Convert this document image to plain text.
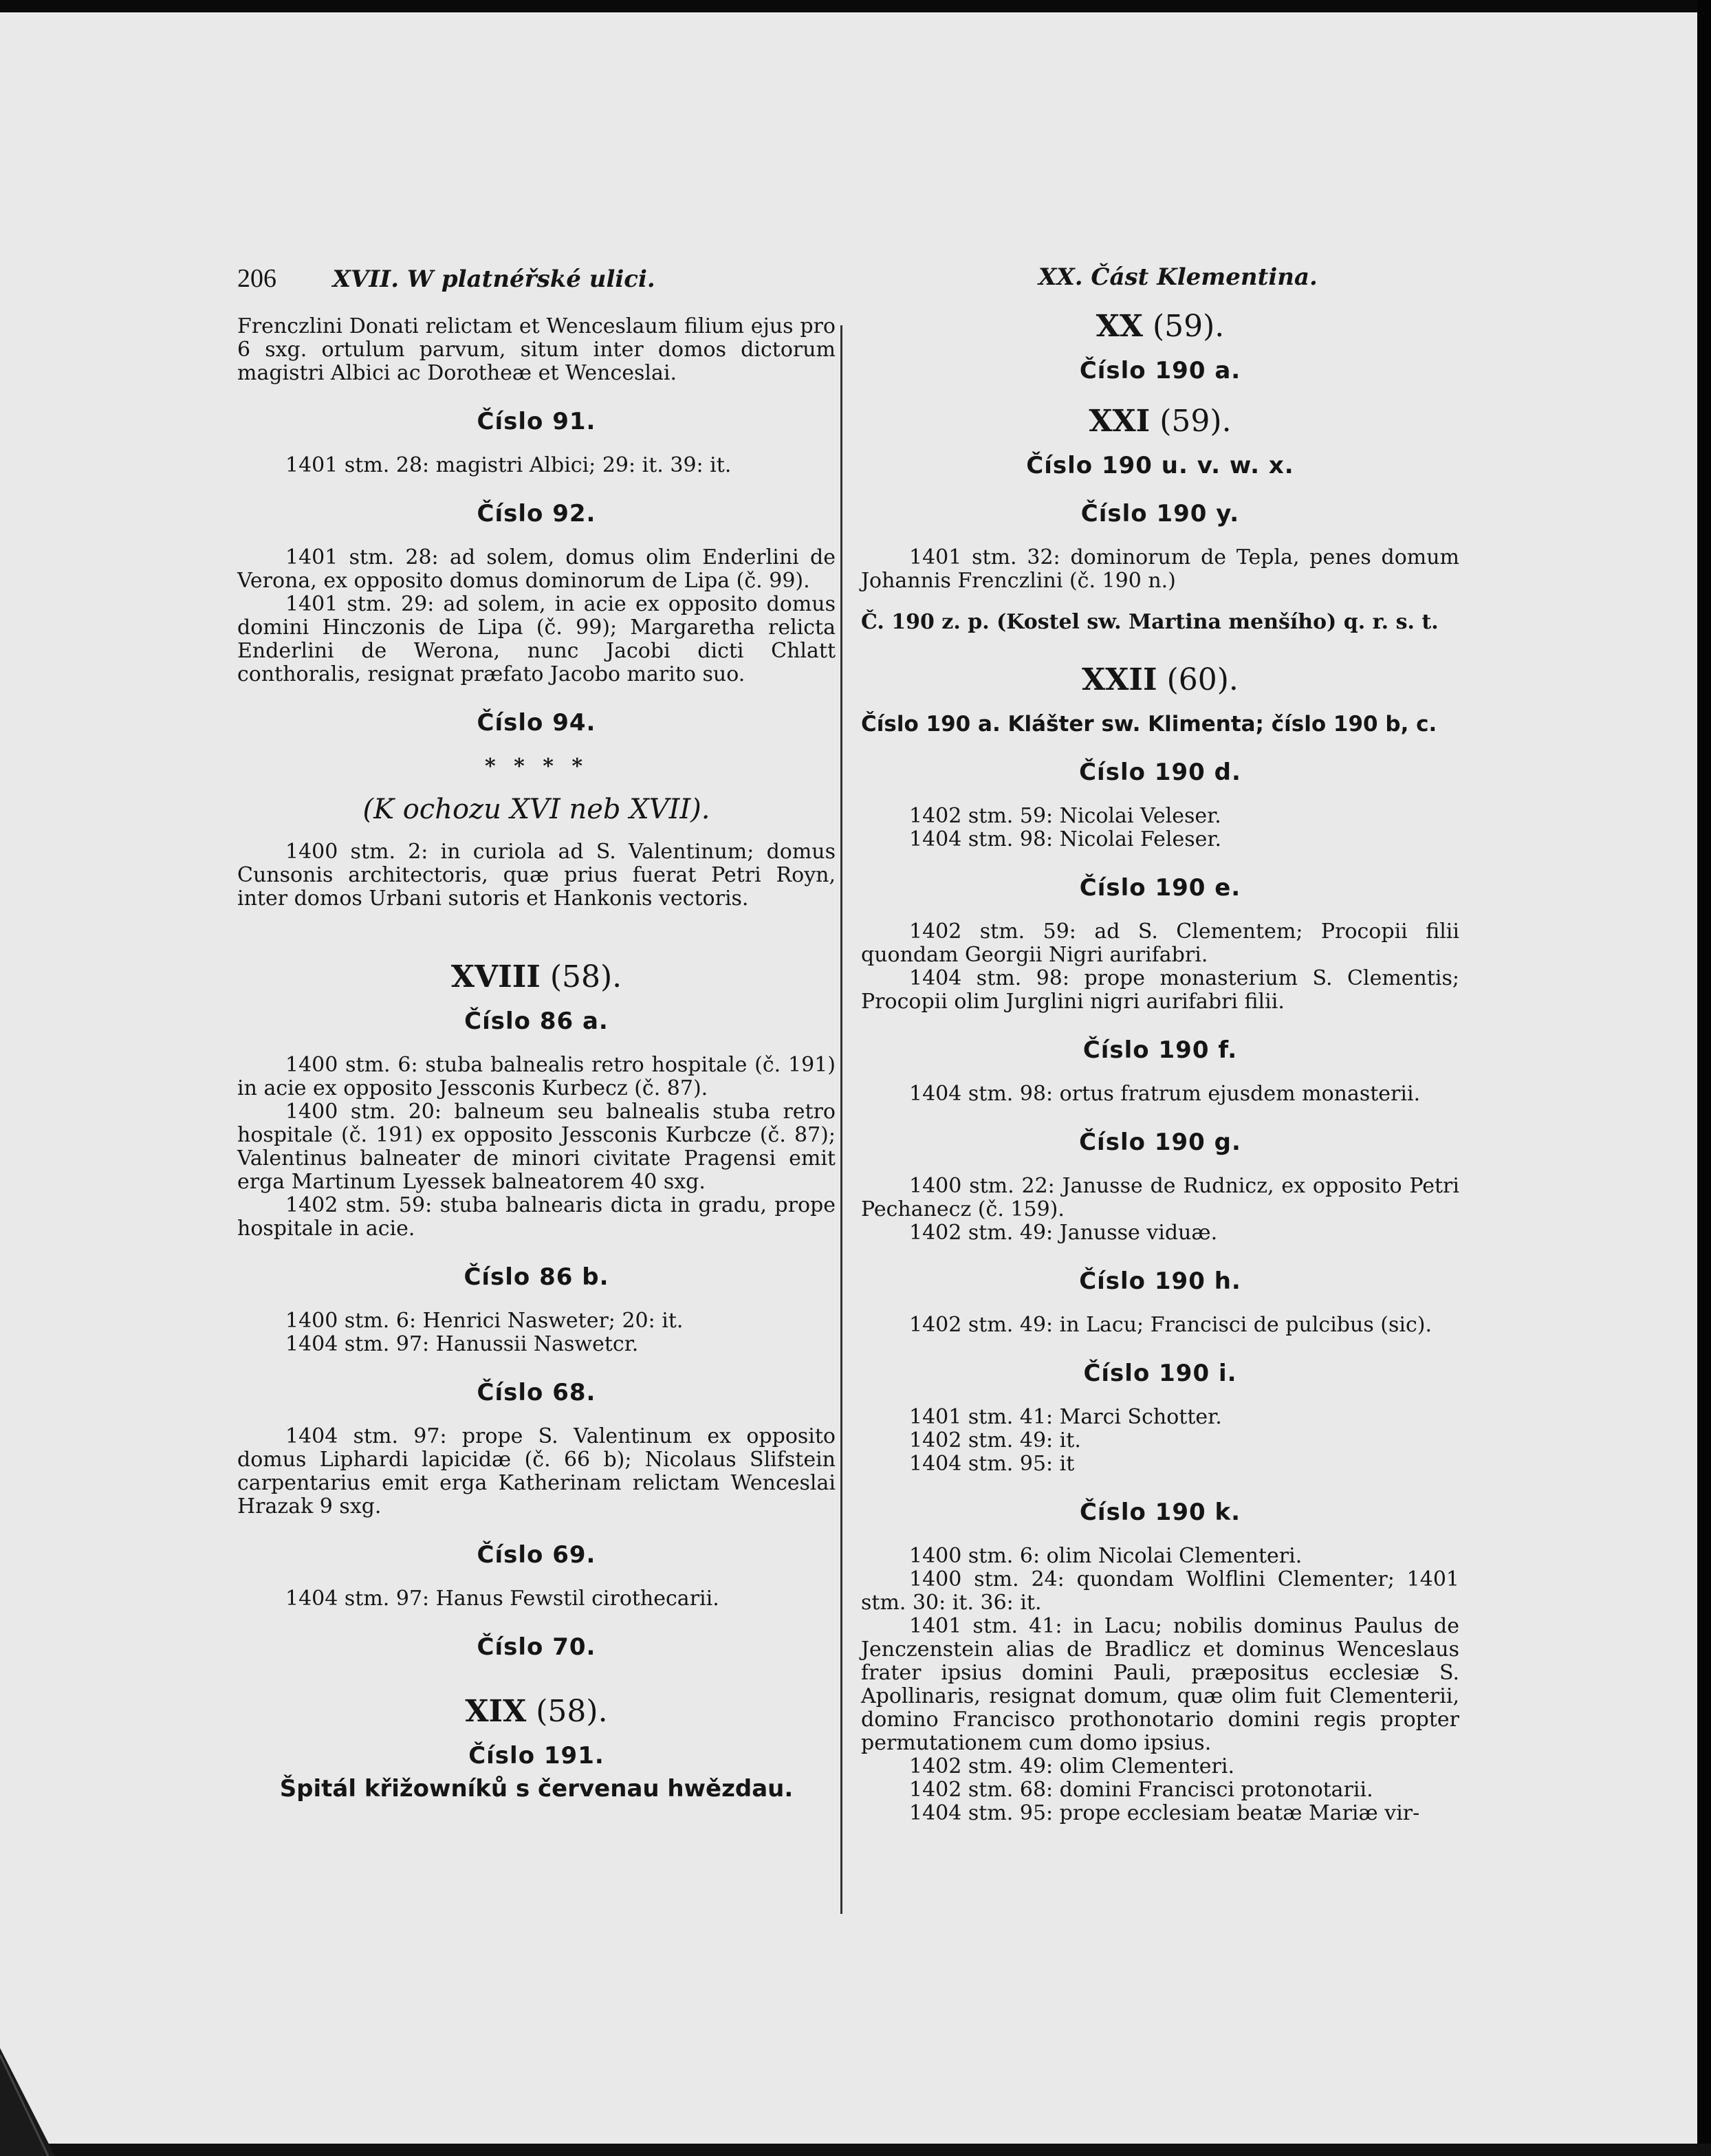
206 XVII. W platnéřské ulici.	XX. Část Klementina.

Frenczlini Donati relictam et Wenceslaum filium ejus pro 6 sxg. ortulum parvum, situm inter domos dictorum magistri Albici ac Dorotheæ et Wenceslai.

Číslo 91.

1401 stm. 28: magistri Albici; 29: it. 39: it.

Číslo 92.

1401 stm. 28: ad solem, domus olim Enderlini de Verona, ex opposito domus dominorum de Lipa (č. 99).

1401 stm. 29: ad solem, in acie ex opposito domus domini Hinczonis de Lipa (č. 99); Margaretha relicta Enderlini de Werona, nunc Jacobi dicti Chlatt conthoralis, resignat præfato Jacobo marito suo.

Číslo 94.
* * * *
(K ochozu XVI neb XVII).

1400 stm. 2: in curiola ad S. Valentinum; domus Cunsonis architectoris, quæ prius fuerat Petri Royn, inter domos Urbani sutoris et Hankonis vectoris.

XVIII (58).
Číslo 86 a.

1400 stm. 6: stuba balnealis retro hospitale (č. 191) in acie ex opposito Jessconis Kurbecz (č. 87).

1400 stm. 20: balneum seu balnealis stuba retro hospitale (č. 191) ex opposito Jessconis Kurbcze (č. 87); Valentinus balneater de minori civitate Pragensi emit erga Martinum Lyessek balneatorem 40 sxg.

1402 stm. 59: stuba balnearis dicta in gradu, prope hospitale in acie.

Číslo 86 b.

1400 stm. 6: Henrici Nasweter; 20: it.

1404 stm. 97: Hanussii Naswetcr.

Číslo 68.

1404 stm. 97: prope S. Valentinum ex opposito domus Liphardi lapicidæ (č. 66 b); Nicolaus Slifstein carpentarius emit erga Katherinam relictam Wenceslai Hrazak 9 sxg.

Číslo 69.

1404 stm. 97: Hanus Fewstil cirothecarii.

Číslo 70.
XIX (58).
Číslo 191.
Špitál křižowníků s červenau hwězdau.
XX (59).
Číslo 190 a.
XXI (59).
Číslo 190 u. v. w. x.
Číslo 190 y.

1401 stm. 32: dominorum de Tepla, penes domum Johannis Frenczlini (č. 190 n.)

Č. 190 z. p. (Kostel sw. Martina menšího) q. r. s. t.

XXII (60).

Číslo 190 a. Klášter sw. Klimenta; číslo 190 b, c.

Číslo 190 d.

1402 stm. 59: Nicolai Veleser.

1404 stm. 98: Nicolai Feleser.

Číslo 190 e.

1402 stm. 59: ad S. Clementem; Procopii filii quondam Georgii Nigri aurifabri.

1404 stm. 98: prope monasterium S. Clementis; Procopii olim Jurglini nigri aurifabri filii.

Číslo 190 f.

1404 stm. 98: ortus fratrum ejusdem monasterii.

Číslo 190 g.

1400 stm. 22: Janusse de Rudnicz, ex opposito Petri Pechanecz (č. 159).

1402 stm. 49: Janusse viduæ.

Číslo 190 h.

1402 stm. 49: in Lacu; Francisci de pulcibus (sic).

Číslo 190 i.

1401 stm. 41: Marci Schotter.

1402 stm. 49: it.

1404 stm. 95: it

Číslo 190 k.

1400 stm. 6: olim Nicolai Clementeri.

1400 stm. 24: quondam Wolflini Clementer; 1401 stm. 30: it. 36: it.

1401 stm. 41: in Lacu; nobilis dominus Paulus de Jenczenstein alias de Bradlicz et dominus Wenceslaus frater ipsius domini Pauli, præpositus ecclesiæ S. Apollinaris, resignat domum, quæ olim fuit Clementerii, domino Francisco prothonotario domini regis propter permutationem cum domo ipsius.

1402 stm. 49: olim Clementeri.

1402 stm. 68: domini Francisci protonotarii.

1404 stm. 95: prope ecclesiam beatæ Mariæ vir-
